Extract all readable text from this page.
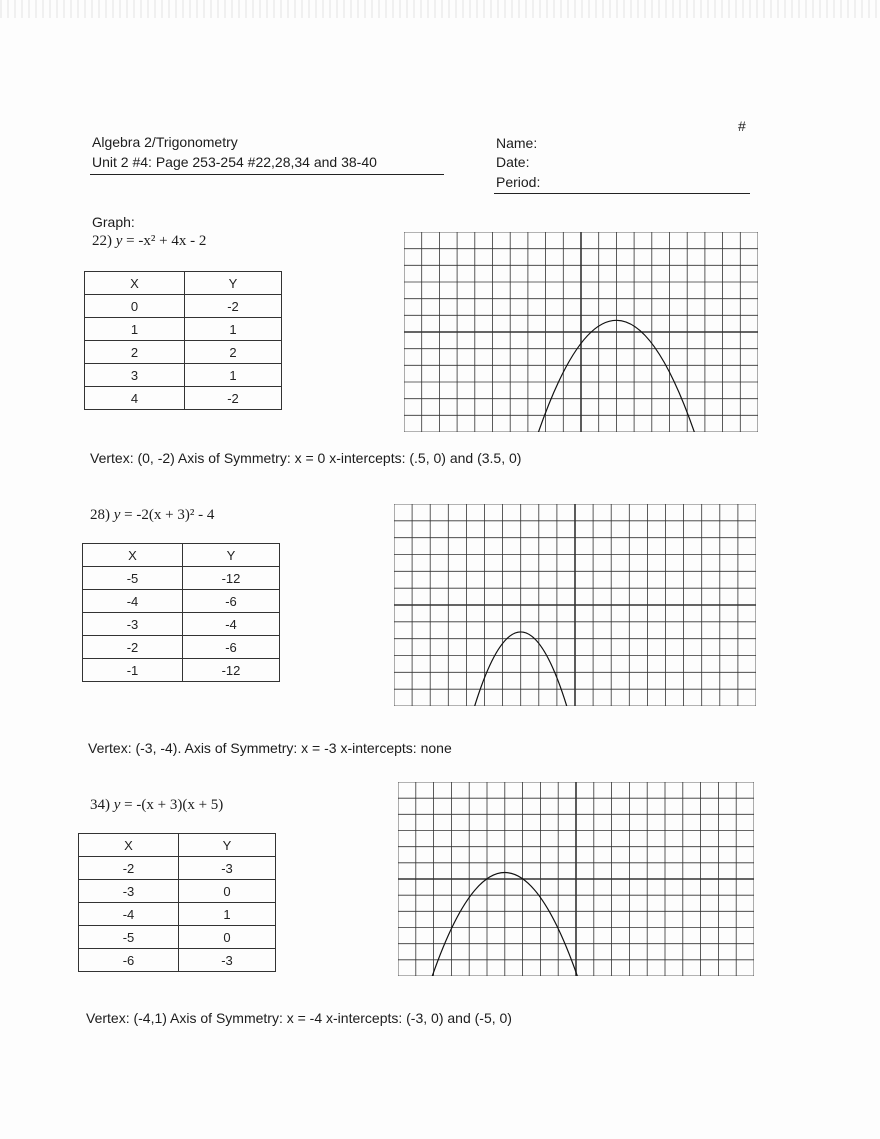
#
Algebra 2/Trigonometry
Unit 2 #4: Page 253-254 #22,28,34 and 38-40
Name:
Date:
Period:
Graph:
22) y = -x² + 4x - 2
X	Y
0	-2
1	1
2	2
3	1
4	-2
Vertex: (0, -2) Axis of Symmetry: x = 0 x-intercepts: (.5, 0) and (3.5, 0)
28) y = -2(x + 3)² - 4
X	Y
-5	-12
-4	-6
-3	-4
-2	-6
-1	-12
Vertex: (-3, -4). Axis of Symmetry: x = -3 x-intercepts: none
34) y = -(x + 3)(x + 5)
X	Y
-2	-3
-3	0
-4	1
-5	0
-6	-3
Vertex: (-4,1) Axis of Symmetry: x = -4 x-intercepts: (-3, 0) and (-5, 0)
